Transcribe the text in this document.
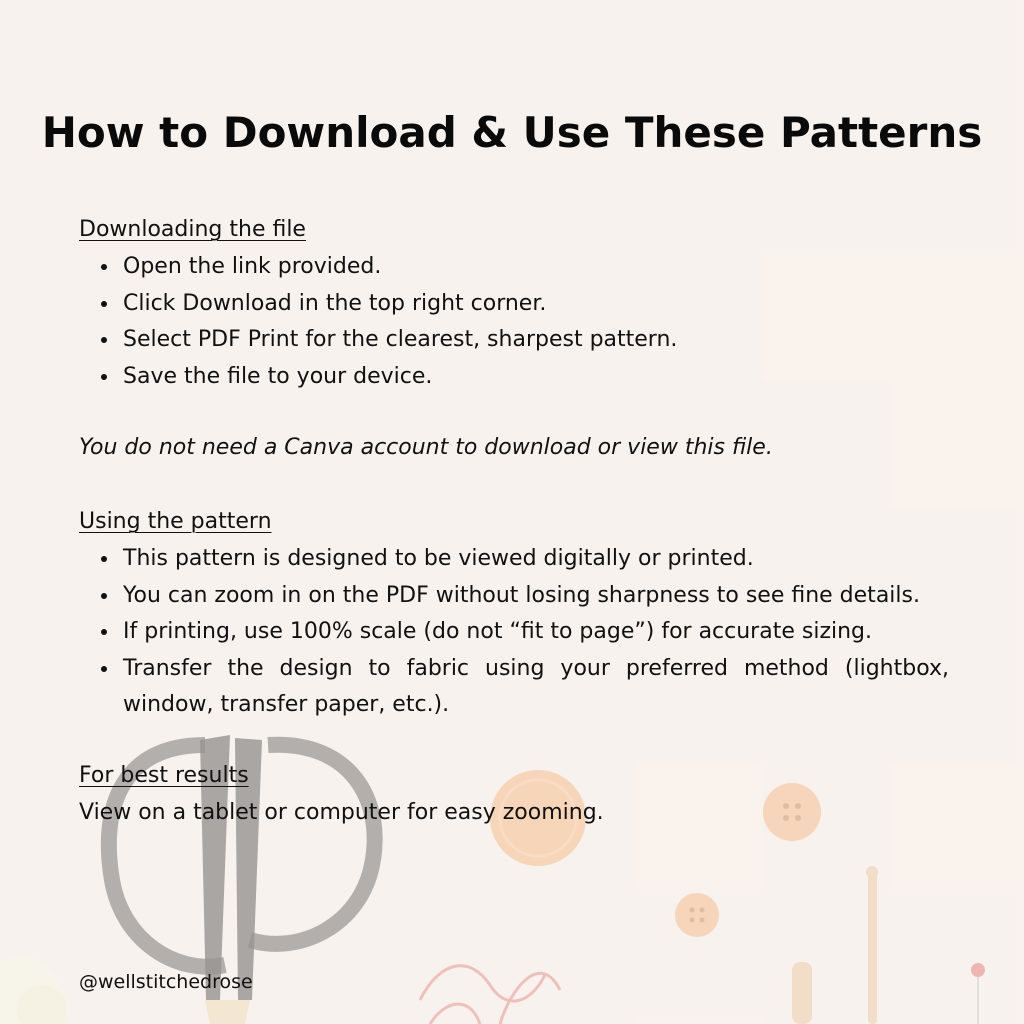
How to Download & Use These Patterns
Downloading the file
Open the link provided.
Click Download in the top right corner.
Select PDF Print for the clearest, sharpest pattern.
Save the file to your device.
You do not need a Canva account to download or view this file.
Using the pattern
This pattern is designed to be viewed digitally or printed.
You can zoom in on the PDF without losing sharpness to see fine details.
If printing, use 100% scale (do not “fit to page”) for accurate sizing.
Transfer the design to fabric using your preferred method (lightbox, window, transfer paper, etc.).
For best results
View on a tablet or computer for easy zooming.
@wellstitchedrose
